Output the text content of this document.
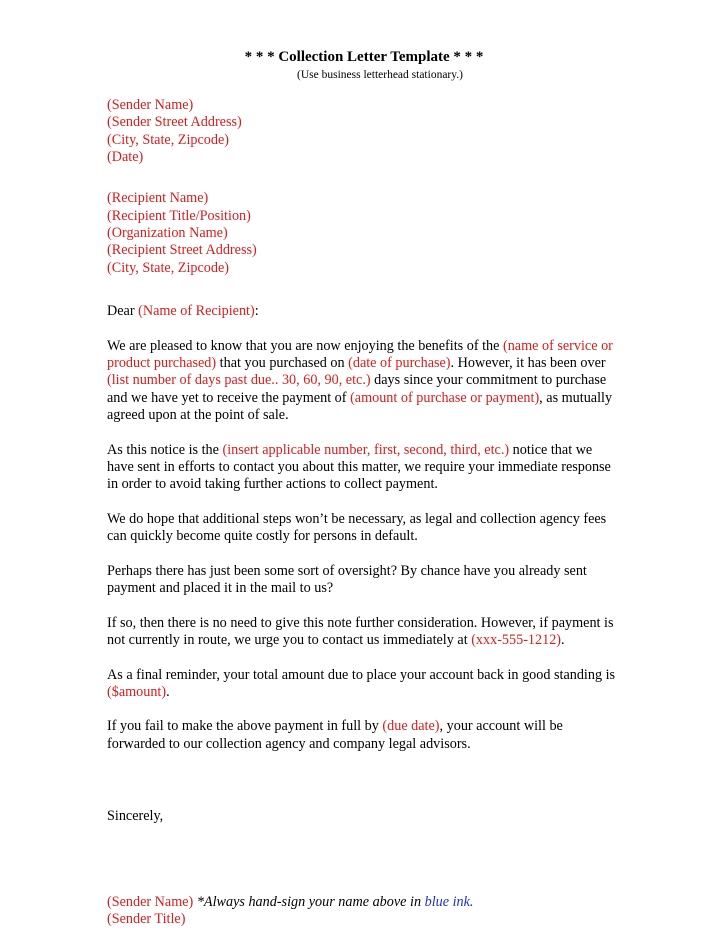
* * * Collection Letter Template * * *
(Use business letterhead stationary.)
(Sender Name)
(Sender Street Address)
(City, State, Zipcode)
(Date)
(Recipient Name)
(Recipient Title/Position)
(Organization Name)
(Recipient Street Address)
(City, State, Zipcode)
Dear (Name of Recipient):
We are pleased to know that you are now enjoying the benefits of the (name of service or
product purchased) that you purchased on (date of purchase). However, it has been over
(list number of days past due.. 30, 60, 90, etc.) days since your commitment to purchase
and we have yet to receive the payment of (amount of purchase or payment), as mutually
agreed upon at the point of sale.
As this notice is the (insert applicable number, first, second, third, etc.) notice that we
have sent in efforts to contact you about this matter, we require your immediate response
in order to avoid taking further actions to collect payment.
We do hope that additional steps won’t be necessary, as legal and collection agency fees
can quickly become quite costly for persons in default.
Perhaps there has just been some sort of oversight? By chance have you already sent
payment and placed it in the mail to us?
If so, then there is no need to give this note further consideration. However, if payment is
not currently in route, we urge you to contact us immediately at (xxx-555-1212).
As a final reminder, your total amount due to place your account back in good standing is
($amount).
If you fail to make the above payment in full by (due date), your account will be
forwarded to our collection agency and company legal advisors.
Sincerely,
(Sender Name) *Always hand-sign your name above in blue ink.
(Sender Title)
